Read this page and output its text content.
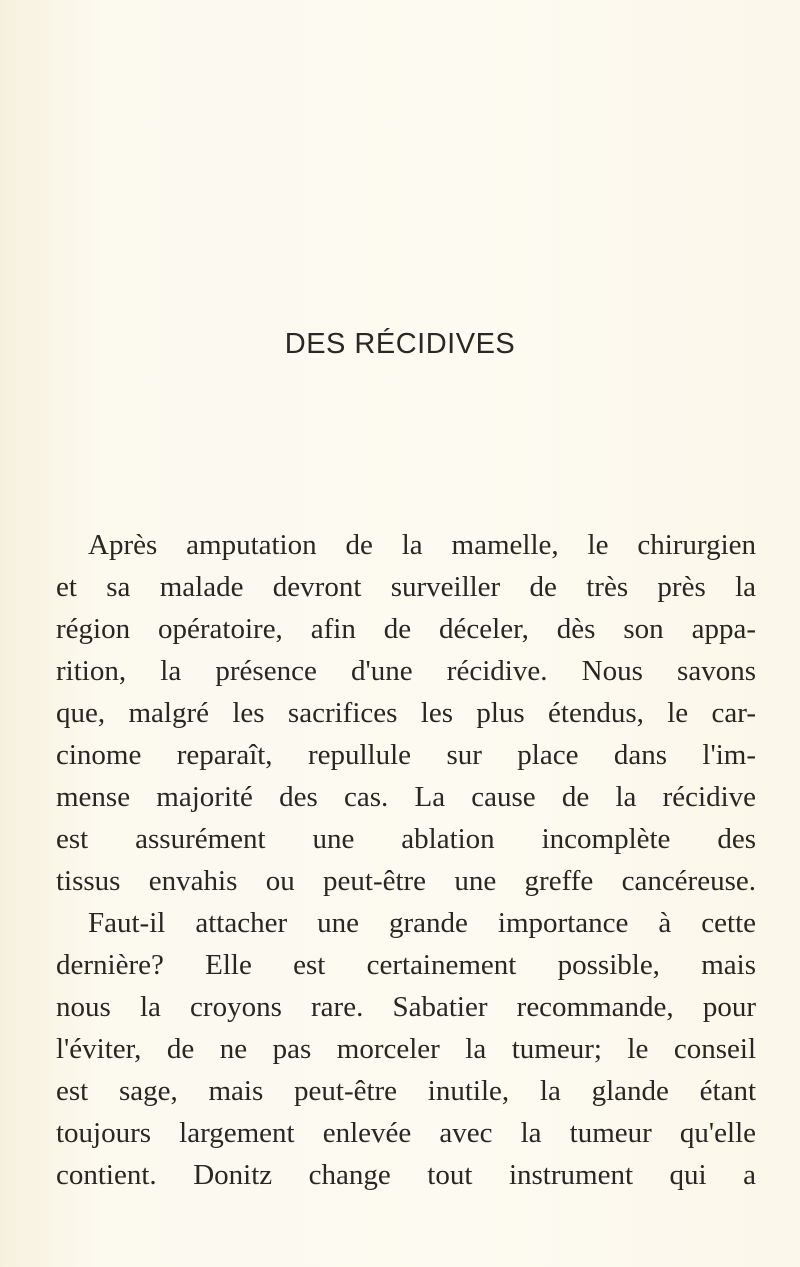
DES RÉCIDIVES
Après amputation de la mamelle, le chirurgien
et sa malade devront surveiller de très près la
région opératoire, afin de déceler, dès son appa-
rition, la présence d'une récidive. Nous savons
que, malgré les sacrifices les plus étendus, le car-
cinome reparaît, repullule sur place dans l'im-
mense majorité des cas. La cause de la récidive
est assurément une ablation incomplète des
tissus envahis ou peut-être une greffe cancéreuse.
Faut-il attacher une grande importance à cette
dernière? Elle est certainement possible, mais
nous la croyons rare. Sabatier recommande, pour
l'éviter, de ne pas morceler la tumeur; le conseil
est sage, mais peut-être inutile, la glande étant
toujours largement enlevée avec la tumeur qu'elle
contient. Donitz change tout instrument qui a
